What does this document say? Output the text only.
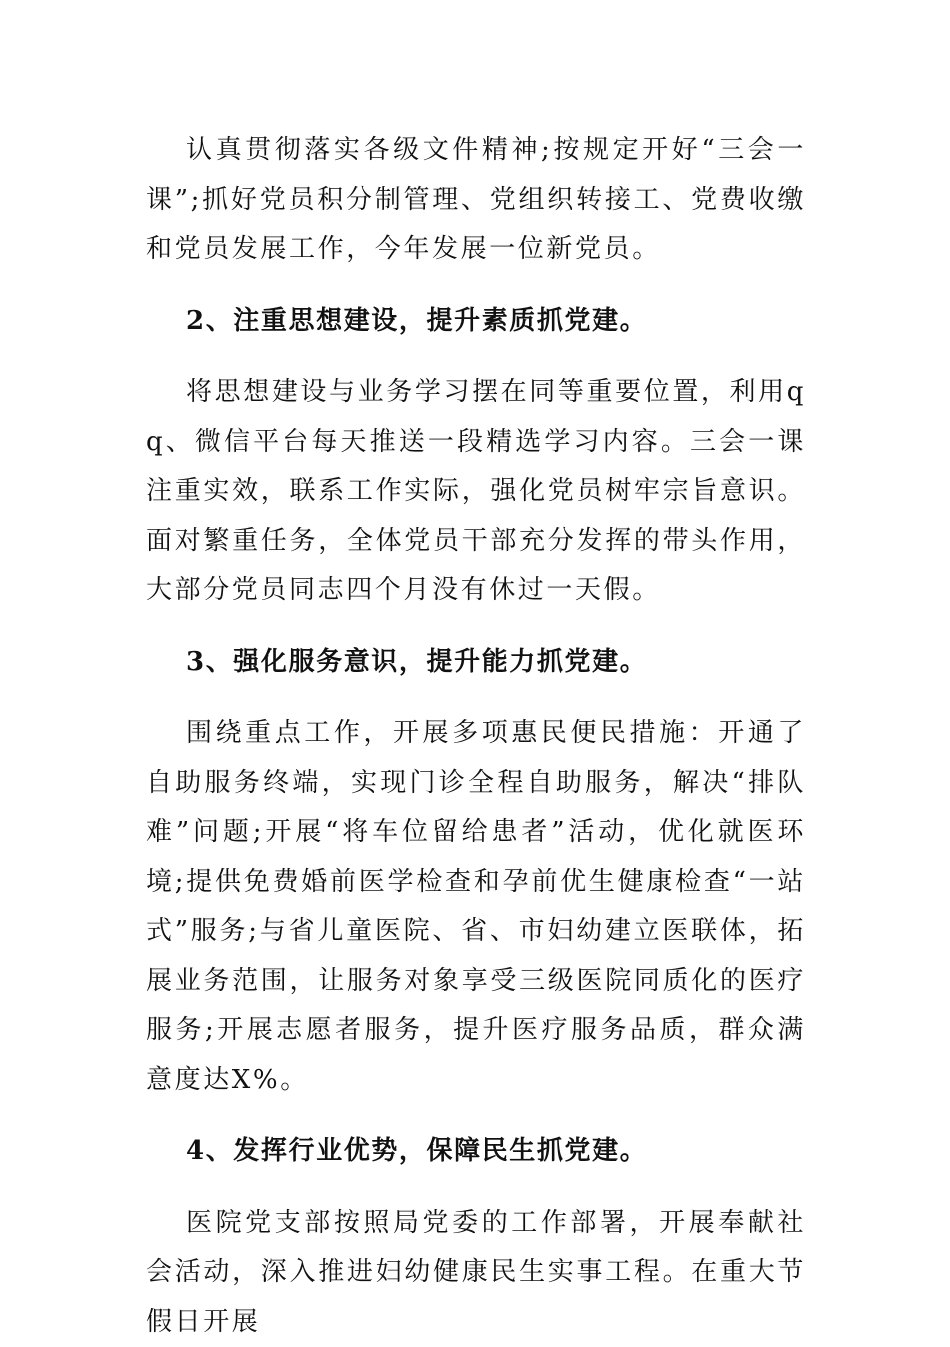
认真贯彻落实各级文件精神;按规定开好“三会一课”;抓好党员积分制管理、党组织转接工、党费收缴和党员发展工作，今年发展一位新党员。

2、注重思想建设，提升素质抓党建。

将思想建设与业务学习摆在同等重要位置，利用qq、微信平台每天推送一段精选学习内容。三会一课注重实效，联系工作实际，强化党员树牢宗旨意识。面对繁重任务，全体党员干部充分发挥的带头作用，大部分党员同志四个月没有休过一天假。

3、强化服务意识，提升能力抓党建。

围绕重点工作，开展多项惠民便民措施：开通了自助服务终端，实现门诊全程自助服务，解决“排队难”问题;开展“将车位留给患者”活动，优化就医环境;提供免费婚前医学检查和孕前优生健康检查“一站式”服务;与省儿童医院、省、市妇幼建立医联体，拓展业务范围，让服务对象享受三级医院同质化的医疗服务;开展志愿者服务，提升医疗服务品质，群众满意度达X%。

4、发挥行业优势，保障民生抓党建。

医院党支部按照局党委的工作部署，开展奉献社会活动，深入推进妇幼健康民生实事工程。在重大节假日开展
